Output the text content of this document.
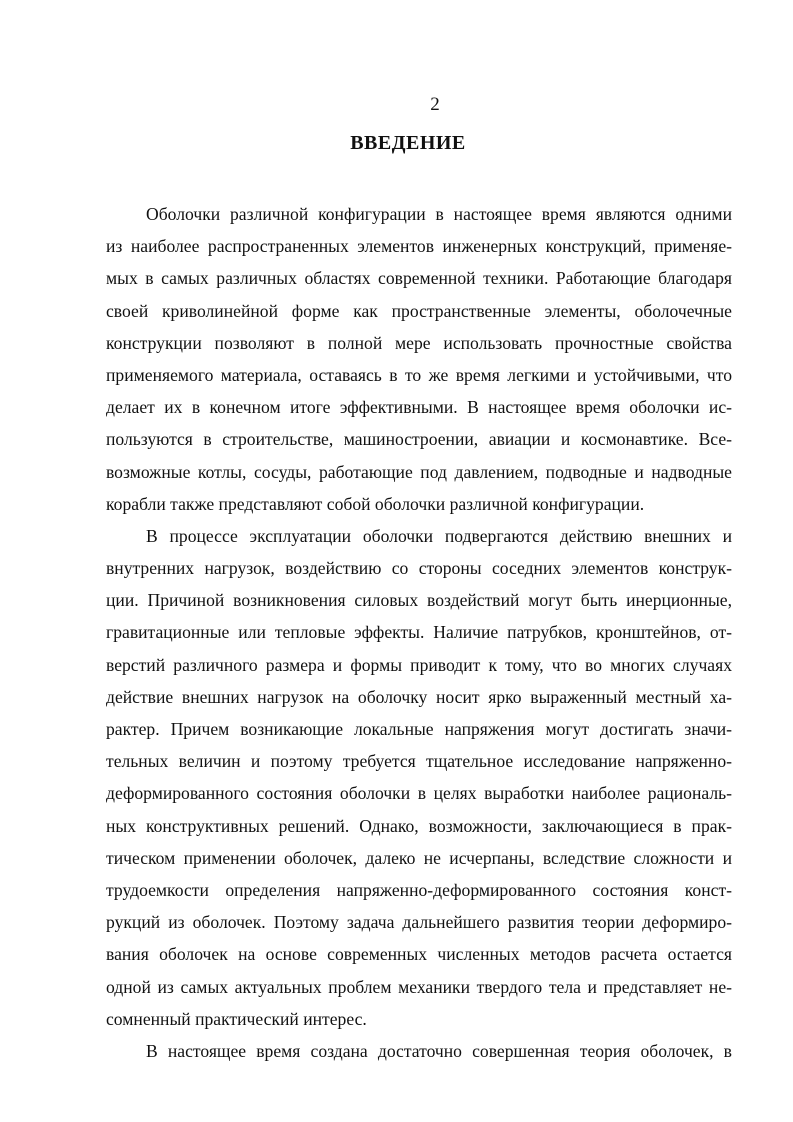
2
ВВЕДЕНИЕ
Оболочки различной конфигурации в настоящее время являются одними
из наиболее распространенных элементов инженерных конструкций, применяе-
мых в самых различных областях современной техники. Работающие благодаря
своей криволинейной форме как пространственные элементы, оболочечные
конструкции позволяют в полной мере использовать прочностные свойства
применяемого материала, оставаясь в то же время легкими и устойчивыми, что
делает их в конечном итоге эффективными. В настоящее время оболочки ис-
пользуются в строительстве, машиностроении, авиации и космонавтике. Все-
возможные котлы, сосуды, работающие под давлением, подводные и надводные
корабли также представляют собой оболочки различной конфигурации.
В процессе эксплуатации оболочки подвергаются действию внешних и
внутренних нагрузок, воздействию со стороны соседних элементов конструк-
ции. Причиной возникновения силовых воздействий могут быть инерционные,
гравитационные или тепловые эффекты. Наличие патрубков, кронштейнов, от-
верстий различного размера и формы приводит к тому, что во многих случаях
действие внешних нагрузок на оболочку носит ярко выраженный местный ха-
рактер. Причем возникающие локальные напряжения могут достигать значи-
тельных величин и поэтому требуется тщательное исследование напряженно-
деформированного состояния оболочки в целях выработки наиболее рациональ-
ных конструктивных решений. Однако, возможности, заключающиеся в прак-
тическом применении оболочек, далеко не исчерпаны, вследствие сложности и
трудоемкости определения напряженно-деформированного состояния конст-
рукций из оболочек. Поэтому задача дальнейшего развития теории деформиро-
вания оболочек на основе современных численных методов расчета остается
одной из самых актуальных проблем механики твердого тела и представляет не-
сомненный практический интерес.
В настоящее время создана достаточно совершенная теория оболочек, в
